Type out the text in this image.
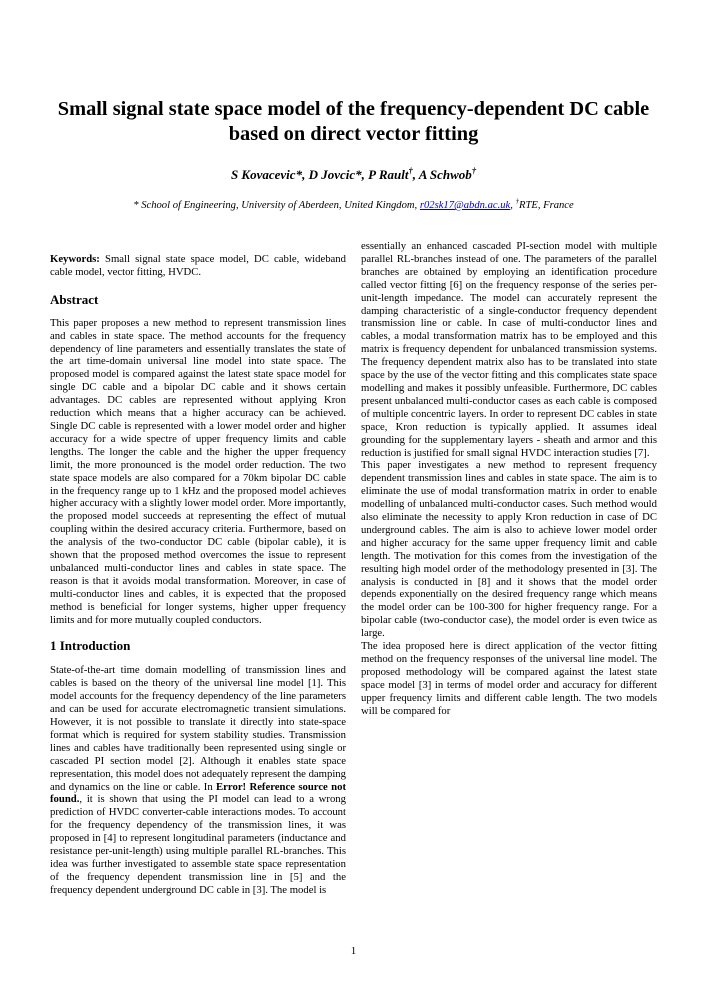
Small signal state space model of the frequency-dependent DC cable based on direct vector fitting
S Kovacevic*, D Jovcic*, P Rault†, A Schwob†
* School of Engineering, University of Aberdeen, United Kingdom, r02sk17@abdn.ac.uk, †RTE, France

Keywords: Small signal state space model, DC cable, wideband cable model, vector fitting, HVDC.

Abstract

This paper proposes a new method to represent transmission lines and cables in state space. The method accounts for the frequency dependency of line parameters and essentially translates the state of the art time-domain universal line model into state space. The proposed model is compared against the latest state space model for single DC cable and a bipolar DC cable and it shows certain advantages. DC cables are represented without applying Kron reduction which means that a higher accuracy can be achieved. Single DC cable is represented with a lower model order and higher accuracy for a wide spectre of upper frequency limits and cable lengths. The longer the cable and the higher the upper frequency limit, the more pronounced is the model order reduction. The two state space models are also compared for a 70km bipolar DC cable in the frequency range up to 1 kHz and the proposed model achieves higher accuracy with a slightly lower model order. More importantly, the proposed model succeeds at representing the effect of mutual coupling within the desired accuracy criteria. Furthermore, based on the analysis of the two-conductor DC cable (bipolar cable), it is shown that the proposed method overcomes the issue to represent unbalanced multi-conductor lines and cables in state space. The reason is that it avoids modal transformation. Moreover, in case of multi-conductor lines and cables, it is expected that the proposed method is beneficial for longer systems, higher upper frequency limits and for more mutually coupled conductors.

1 Introduction

State-of-the-art time domain modelling of transmission lines and cables is based on the theory of the universal line model [1]. This model accounts for the frequency dependency of the line parameters and can be used for accurate electromagnetic transient simulations. However, it is not possible to translate it directly into state-space format which is required for system stability studies. Transmission lines and cables have traditionally been represented using single or cascaded PI section model [2]. Although it enables state space representation, this model does not adequately represent the damping and dynamics on the line or cable. In Error! Reference source not found., it is shown that using the PI model can lead to a wrong prediction of HVDC converter-cable interactions modes. To account for the frequency dependency of the transmission lines, it was proposed in [4] to represent longitudinal parameters (inductance and resistance per-unit-length) using multiple parallel RL-branches. This idea was further investigated to assemble state space representation of the frequency dependent transmission line in [5] and the frequency dependent underground DC cable in [3]. The model is

essentially an enhanced cascaded PI-section model with multiple parallel RL-branches instead of one. The parameters of the parallel branches are obtained by employing an identification procedure called vector fitting [6] on the frequency response of the series per-unit-length impedance. The model can accurately represent the damping characteristic of a single-conductor frequency dependent transmission line or cable. In case of multi-conductor lines and cables, a modal transformation matrix has to be employed and this matrix is frequency dependent for unbalanced transmission systems. The frequency dependent matrix also has to be translated into state space by the use of the vector fitting and this complicates state space modelling and makes it possibly unfeasible. Furthermore, DC cables present unbalanced multi-conductor cases as each cable is composed of multiple concentric layers. In order to represent DC cables in state space, Kron reduction is typically applied. It assumes ideal grounding for the supplementary layers - sheath and armor and this reduction is justified for small signal HVDC interaction studies [7].

This paper investigates a new method to represent frequency dependent transmission lines and cables in state space. The aim is to eliminate the use of modal transformation matrix in order to enable modelling of unbalanced multi-conductor cases. Such method would also eliminate the necessity to apply Kron reduction in case of DC underground cables. The aim is also to achieve lower model order and higher accuracy for the same upper frequency limit and cable length. The motivation for this comes from the investigation of the resulting high model order of the methodology presented in [3]. The analysis is conducted in [8] and it shows that the model order depends exponentially on the desired frequency range which means the model order can be 100-300 for higher frequency range. For a bipolar cable (two-conductor case), the model order is even twice as large.

The idea proposed here is direct application of the vector fitting method on the frequency responses of the universal line model. The proposed methodology will be compared against the latest state space model [3] in terms of model order and accuracy for different upper frequency limits and different cable length. The two models will be compared for

1
